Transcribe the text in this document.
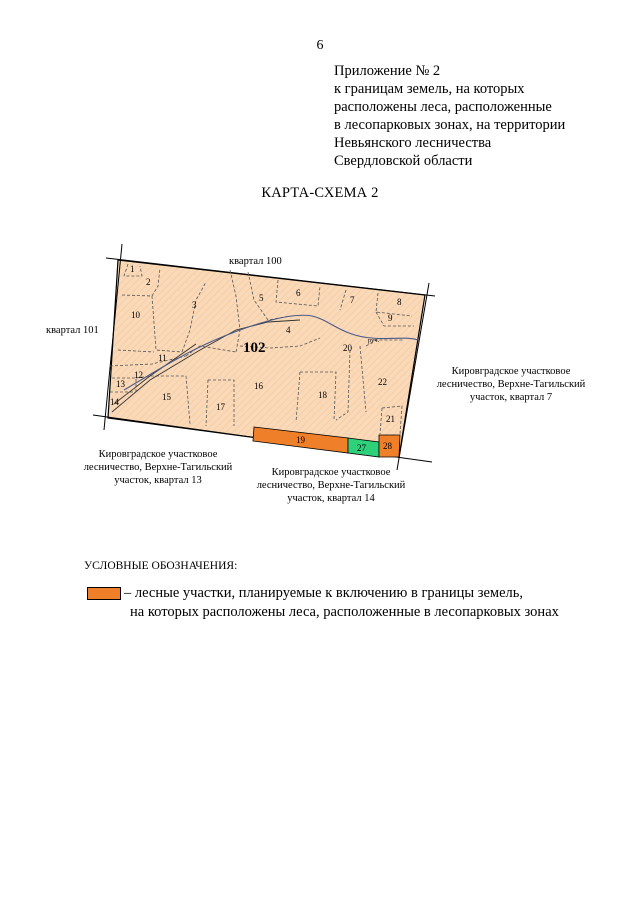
6
Приложение № 2
к границам земель, на которых
расположены леса, расположенные
в лесопарковых зонах, на территории
Невьянского лесничества
Свердловской области
КАРТА-СХЕМА 2
руч.
102
1
2
3
4
5	6
7	8
9
10
11
12
13
14	15
16
17
18
20
21
22
19
27 28
квартал 100
квартал 101
Кировградское участковое
лесничество, Верхне-Тагильский
участок, квартал 7
Кировградское участковое
лесничество, Верхне-Тагильский
участок, квартал 13
Кировградское участковое
лесничество, Верхне-Тагильский
участок, квартал 14
УСЛОВНЫЕ ОБОЗНАЧЕНИЯ:
– лесные участки, планируемые к включению в границы земель,
на которых расположены леса, расположенные в лесопарковых зонах
